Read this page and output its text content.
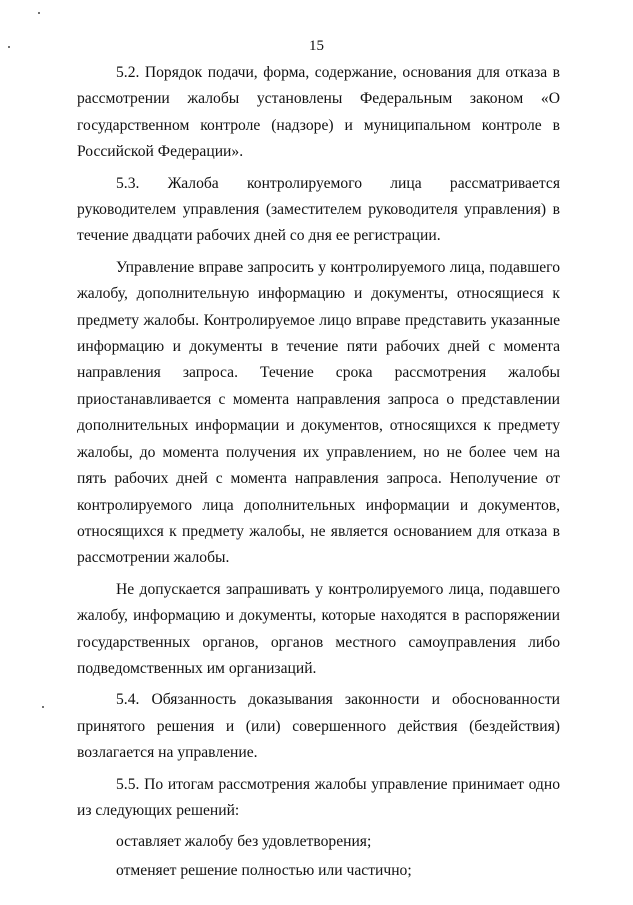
15

5.2. Порядок подачи, форма, содержание, основания для отказа в рассмотрении жалобы установлены Федеральным законом «О государственном контроле (надзоре) и муниципальном контроле в Российской Федерации».

5.3. Жалоба контролируемого лица рассматривается руководителем управления (заместителем руководителя управления) в течение двадцати рабочих дней со дня ее регистрации.

Управление вправе запросить у контролируемого лица, подавшего жалобу, дополнительную информацию и документы, относящиеся к предмету жалобы. Контролируемое лицо вправе представить указанные информацию и документы в течение пяти рабочих дней с момента направления запроса. Течение срока рассмотрения жалобы приостанавливается с момента направления запроса о представлении дополнительных информации и документов, относящихся к предмету жалобы, до момента получения их управлением, но не более чем на пять рабочих дней с момента направления запроса. Неполучение от контролируемого лица дополнительных информации и документов, относящихся к предмету жалобы, не является основанием для отказа в рассмотрении жалобы.

Не допускается запрашивать у контролируемого лица, подавшего жалобу, информацию и документы, которые находятся в распоряжении государственных органов, органов местного самоуправления либо подведомственных им организаций.

5.4. Обязанность доказывания законности и обоснованности принятого решения и (или) совершенного действия (бездействия) возлагается на управление.

5.5. По итогам рассмотрения жалобы управление принимает одно из следующих решений:

оставляет жалобу без удовлетворения;

отменяет решение полностью или частично;
